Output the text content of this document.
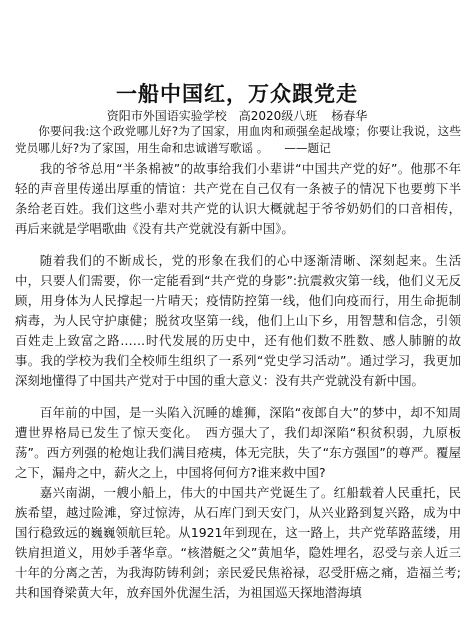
一船中国红，万众跟党走
资阳市外国语实验学校　高2020级八班 杨春华

你要问我:这个政党哪儿好?为了国家，用血肉和顽强垒起战壕；你要让我说，这些党员哪儿好?为了家国，用生命和忠诚谱写歌谣 。 ——题记

我的爷爷总用“半条棉被”的故事给我们小辈讲“中国共产党的好”。他那不年轻的声音里传递出厚重的情谊：共产党在自己仅有一条被子的情况下也要剪下半条给老百姓。我们这些小辈对共产党的认识大概就起于爷爷奶奶们的口音相传，再后来就是学唱歌曲《没有共产党就没有新中国》。

随着我们的不断成长，党的形象在我们的心中逐渐清晰、深刻起来。生活中，只要人们需要，你一定能看到“共产党的身影”:抗震救灾第一线，他们义无反顾，用身体为人民撑起一片晴天；疫情防控第一线，他们向疫而行，用生命扼制病毒，为人民守护康健；脱贫攻坚第一线，他们上山下乡，用智慧和信念，引领百姓走上致富之路……时代发展的历史中，还有他们数不胜数、感人肺腑的故事。我的学校为我们全校师生组织了一系列“党史学习活动”。通过学习，我更加深刻地懂得了中国共产党对于中国的重大意义：没有共产党就没有新中国。

百年前的中国，是一头陷入沉睡的雄狮，深陷“夜郎自大”的梦中，却不知周遭世界格局已发生了惊天变化。　西方强大了，我们却深陷“积贫积弱，九原板荡”。西方列强的枪炮让我们满目疮痍，体无完肤，失了“东方强国”的尊严。覆屋之下，漏舟之中，薪火之上，中国将何何方?谁来救中国?

嘉兴南湖，一艘小船上，伟大的中国共产党诞生了。红船载着人民重托，民族希望，越过险滩，穿过惊涛，从石库门到天安门，从兴业路到复兴路，成为中国行稳致远的巍巍领航巨轮。从1921年到现在，这一路上，共产党荜路蓝缕，用铁肩担道义，用妙手著华章。“核潜艇之父”黄旭华，隐姓埋名，忍受与亲人近三十年的分离之苦，为我海防铸利剑；亲民爱民焦裕禄，忍受肝癌之痛，造福兰考;共和国脊梁黄大年，放弃国外优渥生活，为祖国巡天探地潜海填
